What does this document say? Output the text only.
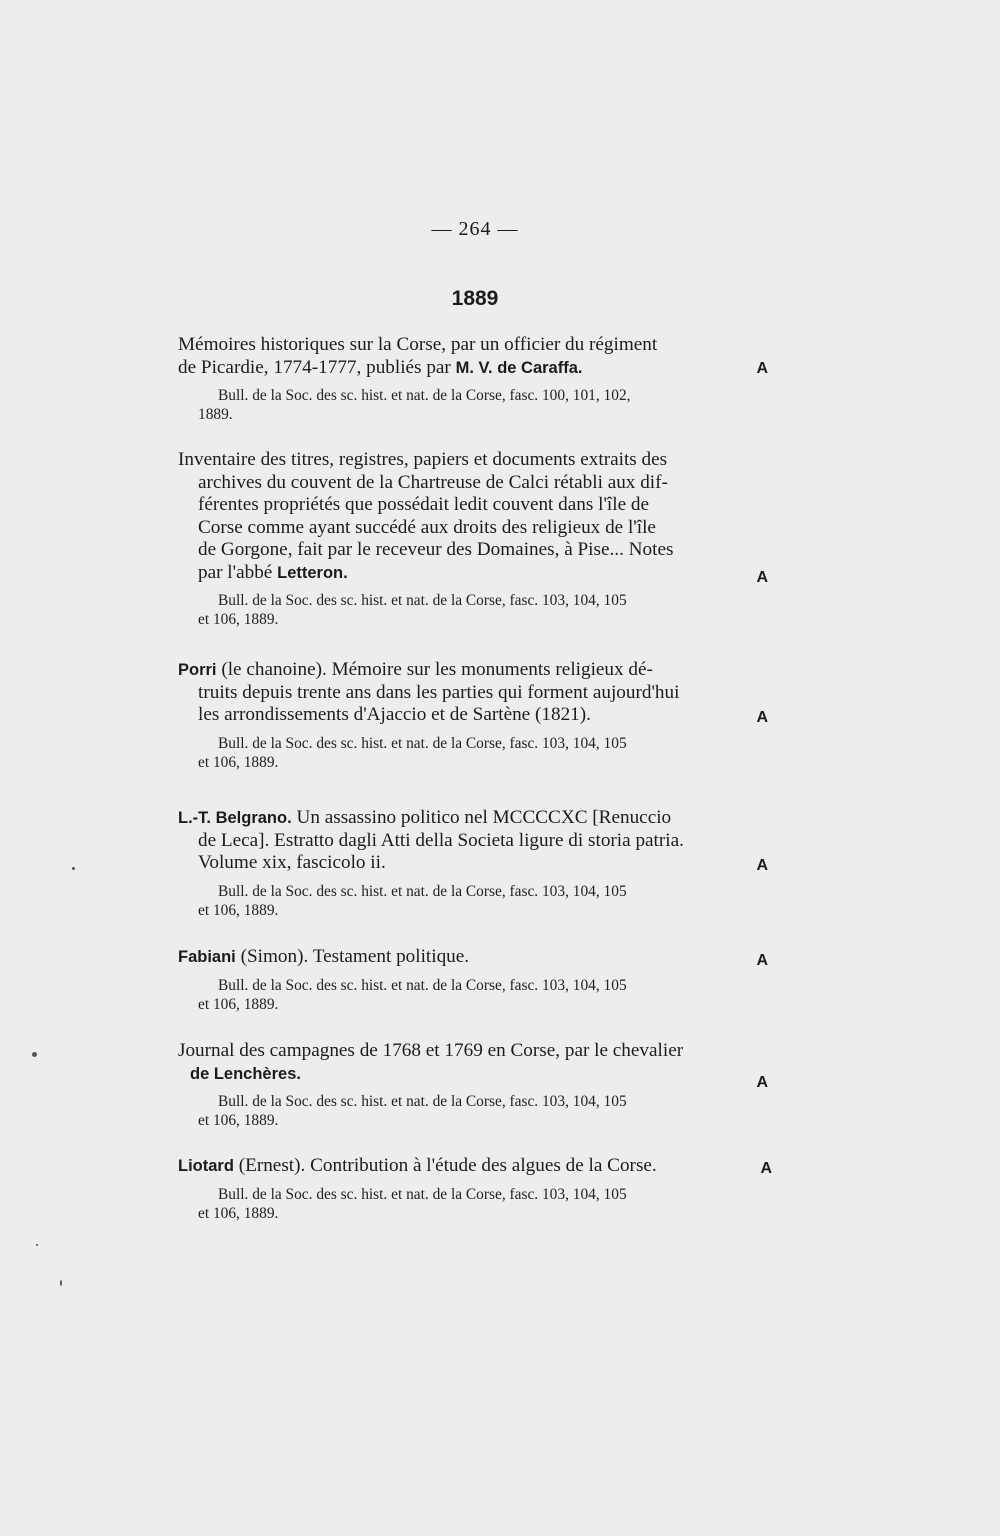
— 264 —
1889

Mémoires historiques sur la Corse, par un officier du régiment
de Picardie, 1774-1777, publiés par M. V. de Caraffa.	A

Bull. de la Soc. des sc. hist. et nat. de la Corse, fasc. 100, 101, 102,
1889.

Inventaire des titres, registres, papiers et documents extraits des
archives du couvent de la Chartreuse de Calci rétabli aux dif-
férentes propriétés que possédait ledit couvent dans l'île de
Corse comme ayant succédé aux droits des religieux de l'île
de Gorgone, fait par le receveur des Domaines, à Pise... Notes
par l'abbé Letteron.	A

Bull. de la Soc. des sc. hist. et nat. de la Corse, fasc. 103, 104, 105
et 106, 1889.

Porri (le chanoine). Mémoire sur les monuments religieux dé-
truits depuis trente ans dans les parties qui forment aujourd'hui
les arrondissements d'Ajaccio et de Sartène (1821).	A

Bull. de la Soc. des sc. hist. et nat. de la Corse, fasc. 103, 104, 105
et 106, 1889.

L.-T. Belgrano. Un assassino politico nel MCCCCXC [Renuccio
de Leca]. Estratto dagli Atti della Societa ligure di storia patria.
Volume xix, fascicolo ii.	A

Bull. de la Soc. des sc. hist. et nat. de la Corse, fasc. 103, 104, 105
et 106, 1889.

Fabiani (Simon). Testament politique.	A

Bull. de la Soc. des sc. hist. et nat. de la Corse, fasc. 103, 104, 105
et 106, 1889.

Journal des campagnes de 1768 et 1769 en Corse, par le chevalier
de Lenchères.	A

Bull. de la Soc. des sc. hist. et nat. de la Corse, fasc. 103, 104, 105
et 106, 1889.

Liotard (Ernest). Contribution à l'étude des algues de la Corse.	A

Bull. de la Soc. des sc. hist. et nat. de la Corse, fasc. 103, 104, 105
et 106, 1889.
